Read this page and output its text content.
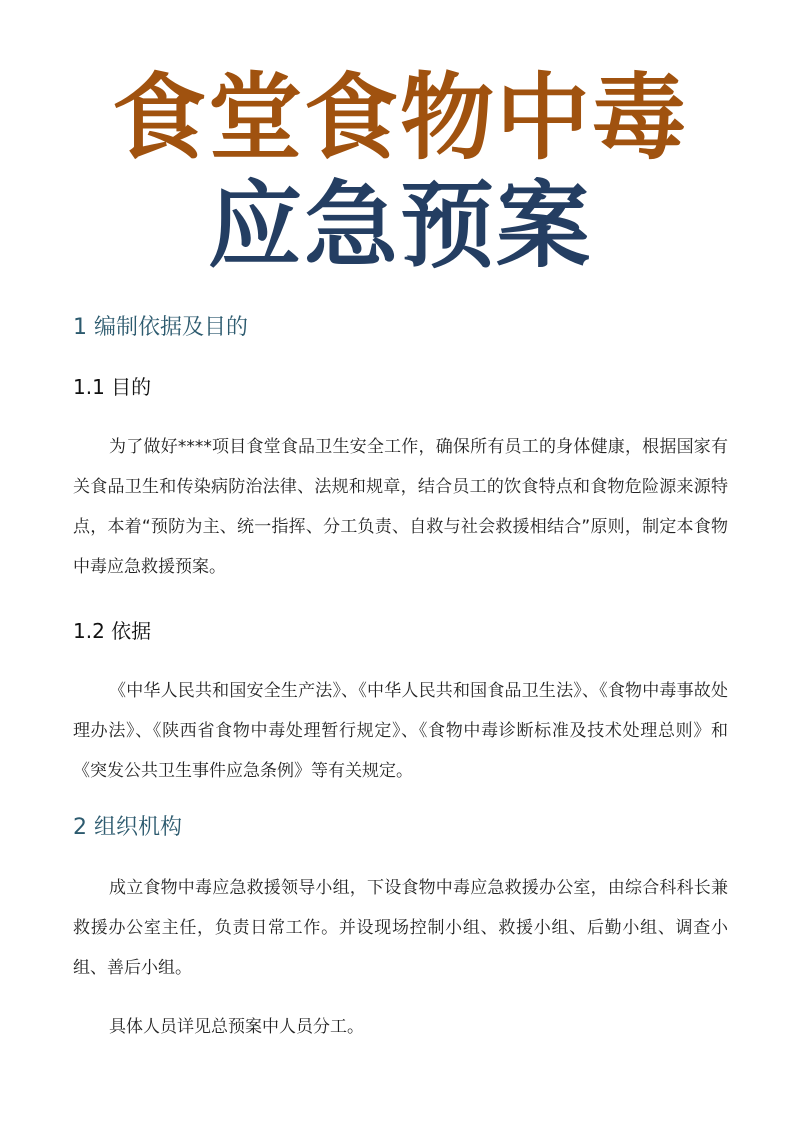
食堂食物中毒
应急预案
1 编制依据及目的
1.1 目的
为了做好****项目食堂食品卫生安全工作，确保所有员工的身体健康，根据国家有关食品卫生和传染病防治法律、法规和规章，结合员工的饮食特点和食物危险源来源特点，本着“预防为主、统一指挥、分工负责、自救与社会救援相结合”原则，制定本食物中毒应急救援预案。
1.2 依据
《中华人民共和国安全生产法》、《中华人民共和国食品卫生法》、《食物中毒事故处理办法》、《陕西省食物中毒处理暂行规定》、《食物中毒诊断标准及技术处理总则》和《突发公共卫生事件应急条例》等有关规定。
2 组织机构
成立食物中毒应急救援领导小组，下设食物中毒应急救援办公室，由综合科科长兼救援办公室主任，负责日常工作。并设现场控制小组、救援小组、后勤小组、调查小组、善后小组。
具体人员详见总预案中人员分工。
